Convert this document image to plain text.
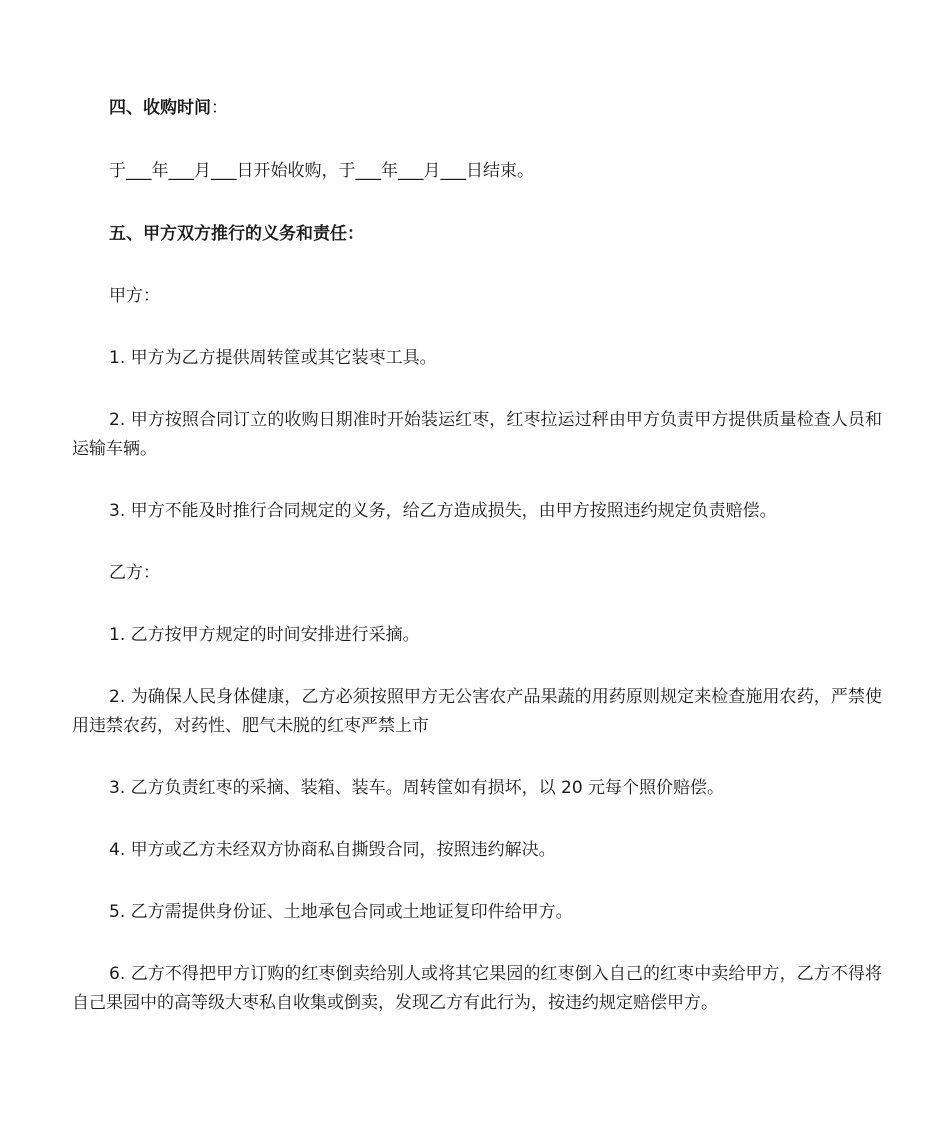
四、收购时间：

于___年___月___日开始收购，于___年___月___日结束。

五、甲方双方推行的义务和责任：

甲方：

1. 甲方为乙方提供周转筐或其它装枣工具。

2. 甲方按照合同订立的收购日期准时开始装运红枣，红枣拉运过秤由甲方负责甲方提供质量检查人员和运输车辆。

3. 甲方不能及时推行合同规定的义务，给乙方造成损失，由甲方按照违约规定负责赔偿。

乙方：

1. 乙方按甲方规定的时间安排进行采摘。

2. 为确保人民身体健康，乙方必须按照甲方无公害农产品果蔬的用药原则规定来检查施用农药，严禁使用违禁农药，对药性、肥气未脱的红枣严禁上市

3. 乙方负责红枣的采摘、装箱、装车。周转筐如有损坏，以 20 元每个照价赔偿。

4. 甲方或乙方未经双方协商私自撕毁合同，按照违约解决。

5. 乙方需提供身份证、土地承包合同或土地证复印件给甲方。

6. 乙方不得把甲方订购的红枣倒卖给别人或将其它果园的红枣倒入自己的红枣中卖给甲方，乙方不得将自己果园中的高等级大枣私自收集或倒卖，发现乙方有此行为，按违约规定赔偿甲方。
